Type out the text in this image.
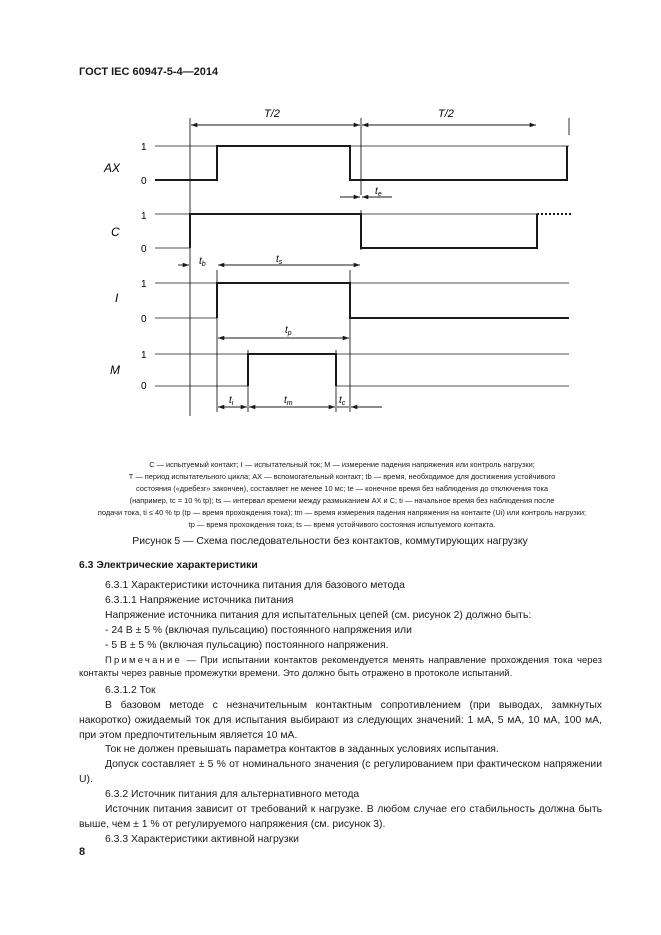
ГОСТ IEC 60947-5-4—2014
T/2	T/2
AX
C
I
M
1
0
1
0
1
0
1
0
$t_e$
$t_b$	$t_s$
$t_p$
$t_i$	$t_m$	$t_c$
С — испытуемый контакт; I — испытательный ток; М — измерение падения напряжения или контроль нагрузки;
Т — период испытательного цикла; АХ — вспомогательный контакт; tb — время, необходимое для достижения устойчивого
состояния («дребезг» закончен), составляет не менее 10 мс; te — конечное время без наблюдения до отключения тока
(например, tc = 10 % tp); ts — интервал времени между размыканием AX и C; ti — начальное время без наблюдения после
подачи тока, ti ≤ 40 % tp (tp — время прохождения тока); tm — время измерения падения напряжения на контакте (Ui) или контроль нагрузки;
tp — время прохождения тока; ts — время устойчивого состояния испытуемого контакта.
Рисунок 5 — Схема последовательности без контактов, коммутирующих нагрузку

6.3 Электрические характеристики

6.3.1 Характеристики источника питания для базового метода

6.3.1.1 Напряжение источника питания

Напряжение источника питания для испытательных цепей (см. рисунок 2) должно быть:

- 24 В ± 5 % (включая пульсацию) постоянного напряжения или

- 5 В ± 5 % (включая пульсацию) постоянного напряжения.

Примечание — При испытании контактов рекомендуется менять направление прохождения тока через контакты через равные промежутки времени. Это должно быть отражено в протоколе испытаний.

6.3.1.2 Ток

В базовом методе с незначительным контактным сопротивлением (при выводах, замкнутых накоротко) ожидаемый ток для испытания выбирают из следующих значений: 1 мА, 5 мА, 10 мА, 100 мА, при этом предпочтительным является 10 мА.

Ток не должен превышать параметра контактов в заданных условиях испытания.

Допуск составляет ± 5 % от номинального значения (с регулированием при фактическом напряжении U).

6.3.2 Источник питания для альтернативного метода

Источник питания зависит от требований к нагрузке. В любом случае его стабильность должна быть выше, чем ± 1 % от регулируемого напряжения (см. рисунок 3).

6.3.3 Характеристики активной нагрузки

8
